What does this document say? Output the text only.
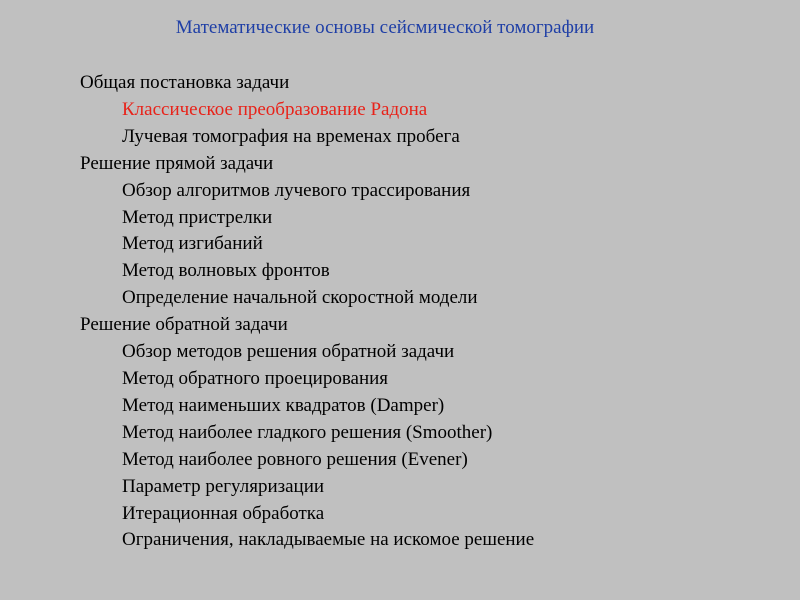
Математические основы сейсмической томографии
Общая постановка задачи
Классическое преобразование Радона
Лучевая томография на временах пробега
Решение прямой задачи
Обзор алгоритмов лучевого трассирования
Метод пристрелки
Метод изгибаний
Метод волновых фронтов
Определение начальной скоростной модели
Решение обратной задачи
Обзор методов решения обратной задачи
Метод обратного проецирования
Метод наименьших квадратов (Damper)
Метод наиболее гладкого решения (Smoother)
Метод наиболее ровного решения (Evener)
Параметр регуляризации
Итерационная обработка
Ограничения, накладываемые на искомое решение
